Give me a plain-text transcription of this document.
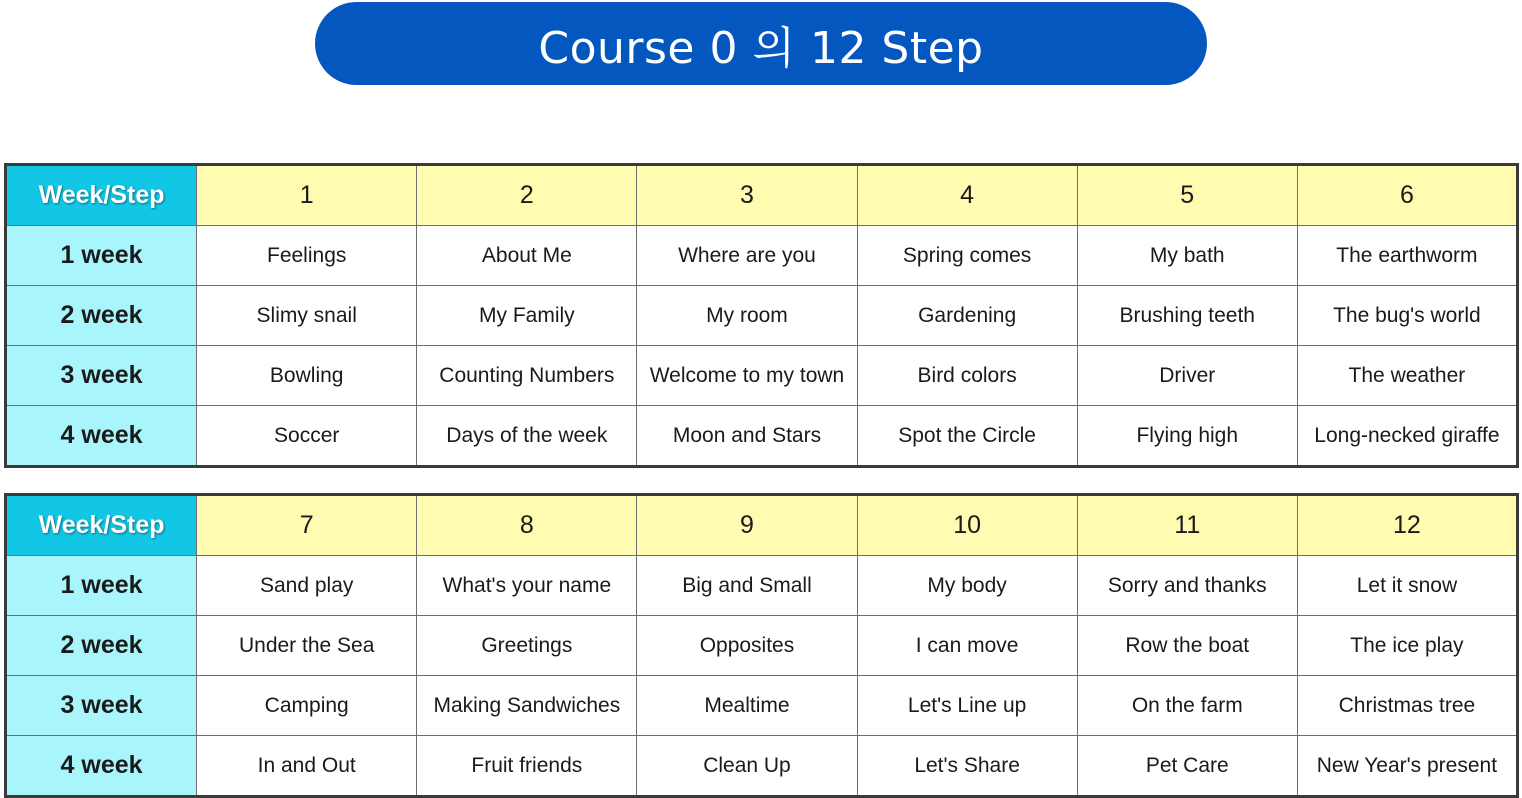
Course 0 의 12 Step
Week/Step	1	2	3	4	5	6
1 week	Feelings	About Me	Where are you	Spring comes	My bath	The earthworm
2 week	Slimy snail	My Family	My room	Gardening	Brushing teeth	The bug's world
3 week	Bowling	Counting Numbers	Welcome to my town	Bird colors	Driver	The weather
4 week	Soccer	Days of the week	Moon and Stars	Spot the Circle	Flying high	Long-necked giraffe
Week/Step	7	8	9	10	11	12
1 week	Sand play	What's your name	Big and Small	My body	Sorry and thanks	Let it snow
2 week	Under the Sea	Greetings	Opposites	I can move	Row the boat	The ice play
3 week	Camping	Making Sandwiches	Mealtime	Let's Line up	On the farm	Christmas tree
4 week	In and Out	Fruit friends	Clean Up	Let's Share	Pet Care	New Year's present
